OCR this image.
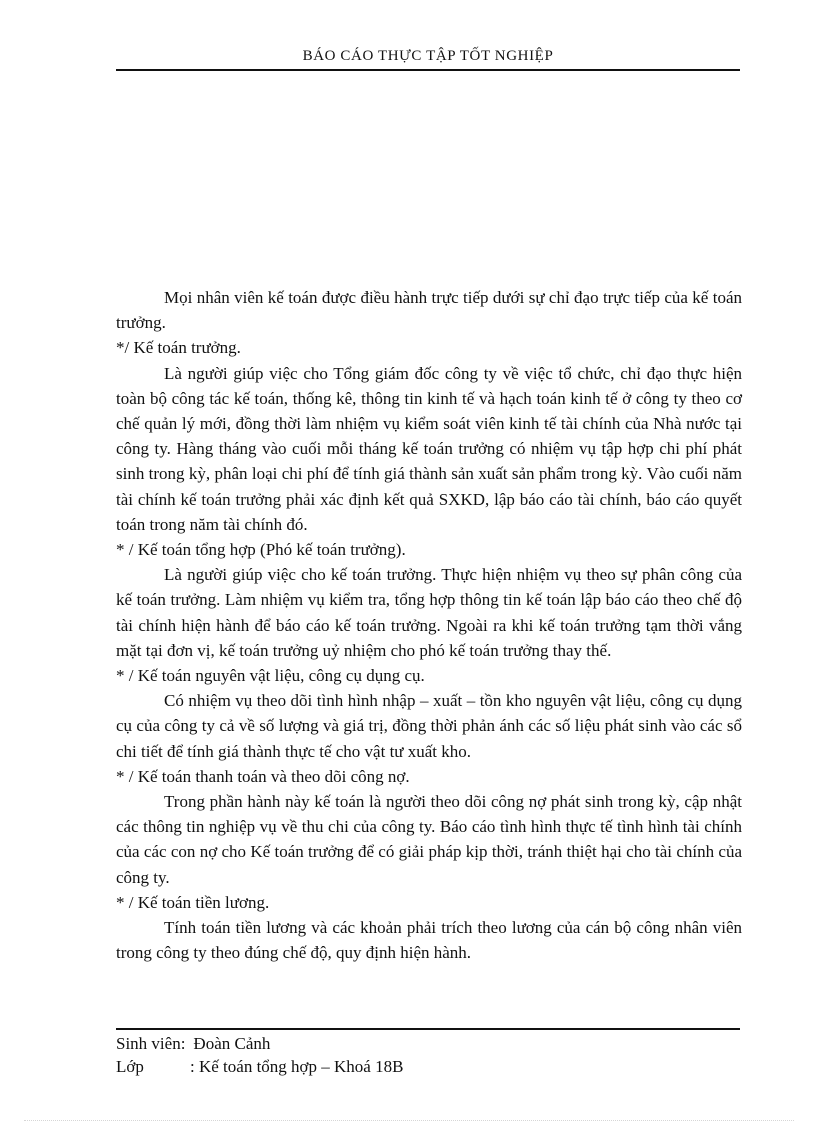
BÁO CÁO THỰC TẬP TỐT NGHIỆP

Mọi nhân viên kế toán được điều hành trực tiếp dưới sự chỉ đạo trực tiếp của kế toán trưởng.

*/ Kế toán trưởng.

Là người giúp việc cho Tổng giám đốc công ty về việc tổ chức, chỉ đạo thực hiện toàn bộ công tác kế toán, thống kê, thông tin kinh tế và hạch toán kinh tế ở công ty theo cơ chế quản lý mới, đồng thời làm nhiệm vụ kiểm soát viên kinh tế tài chính của Nhà nước tại công ty. Hàng tháng vào cuối mỗi tháng kế toán trưởng có nhiệm vụ tập hợp chi phí phát sinh trong kỳ, phân loại chi phí để tính giá thành sản xuất sản phẩm trong kỳ. Vào cuối năm tài chính kế toán trưởng phải xác định kết quả SXKD, lập báo cáo tài chính, báo cáo quyết toán trong năm tài chính đó.

* / Kế toán tổng hợp (Phó kế toán trưởng).

Là người giúp việc cho kế toán trưởng. Thực hiện nhiệm vụ theo sự phân công của kế toán trưởng. Làm nhiệm vụ kiểm tra, tổng hợp thông tin kế toán lập báo cáo theo chế độ tài chính hiện hành để báo cáo kế toán trưởng. Ngoài ra khi kế toán trưởng tạm thời vắng mặt tại đơn vị, kế toán trưởng uỷ nhiệm cho phó kế toán trưởng thay thế.

* / Kế toán nguyên vật liệu, công cụ dụng cụ.

Có nhiệm vụ theo dõi tình hình nhập – xuất – tồn kho nguyên vật liệu, công cụ dụng cụ của công ty cả về số lượng và giá trị, đồng thời phản ánh các số liệu phát sinh vào các sổ chi tiết để tính giá thành thực tế cho vật tư xuất kho.

* / Kế toán thanh toán và theo dõi công nợ.

Trong phần hành này kế toán là người theo dõi công nợ phát sinh trong kỳ, cập nhật các thông tin nghiệp vụ về thu chi của công ty. Báo cáo tình hình thực tế tình hình tài chính của các con nợ cho Kế toán trưởng để có giải pháp kịp thời, tránh thiệt hại cho tài chính của công ty.

* / Kế toán tiền lương.

Tính toán tiền lương và các khoản phải trích theo lương của cán bộ công nhân viên trong công ty theo đúng chế độ, quy định hiện hành.

Sinh viên: Đoàn Cảnh
Lớp	: Kế toán tổng hợp – Khoá 18B
